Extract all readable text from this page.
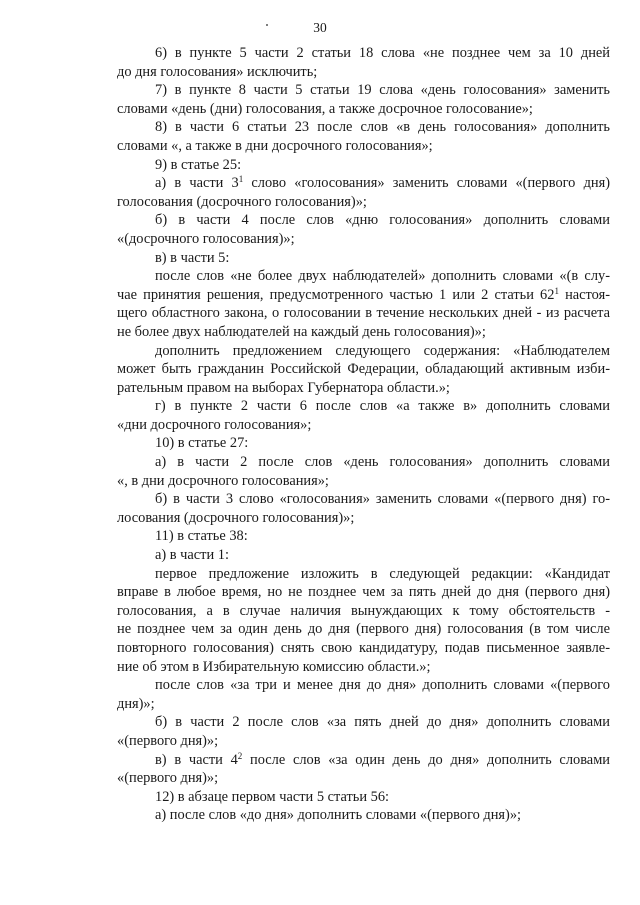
30
6) в пункте 5 части 2 статьи 18 слова «не позднее чем за 10 дней
до дня голосования» исключить;
7) в пункте 8 части 5 статьи 19 слова «день голосования» заменить
словами «день (дни) голосования, а также досрочное голосование»;
8) в части 6 статьи 23 после слов «в день голосования» дополнить
словами «, а также в дни досрочного голосования»;
9) в статье 25:
а) в части $3^1$ слово «голосования» заменить словами «(первого дня)
голосования (досрочного голосования)»;
б) в части 4 после слов «дню голосования» дополнить словами
«(досрочного голосования)»;
в) в части 5:
после слов «не более двух наблюдателей» дополнить словами «(в слу-
чае принятия решения, предусмотренного частью 1 или 2 статьи $62^1$ настоя-
щего областного закона, о голосовании в течение нескольких дней - из расчета
не более двух наблюдателей на каждый день голосования)»;
дополнить предложением следующего содержания: «Наблюдателем
может быть гражданин Российской Федерации, обладающий активным изби-
рательным правом на выборах Губернатора области.»;
г) в пункте 2 части 6 после слов «а также в» дополнить словами
«дни досрочного голосования»;
10) в статье 27:
а) в части 2 после слов «день голосования» дополнить словами
«, в дни досрочного голосования»;
б) в части 3 слово «голосования» заменить словами «(первого дня) го-
лосования (досрочного голосования)»;
11) в статье 38:
а) в части 1:
первое предложение изложить в следующей редакции: «Кандидат
вправе в любое время, но не позднее чем за пять дней до дня (первого дня)
голосования, а в случае наличия вынуждающих к тому обстоятельств -
не позднее чем за один день до дня (первого дня) голосования (в том числе
повторного голосования) снять свою кандидатуру, подав письменное заявле-
ние об этом в Избирательную комиссию области.»;
после слов «за три и менее дня до дня» дополнить словами «(первого
дня)»;
б) в части 2 после слов «за пять дней до дня» дополнить словами
«(первого дня)»;
в) в части $4^2$ после слов «за один день до дня» дополнить словами
«(первого дня)»;
12) в абзаце первом части 5 статьи 56:
а) после слов «до дня» дополнить словами «(первого дня)»;
